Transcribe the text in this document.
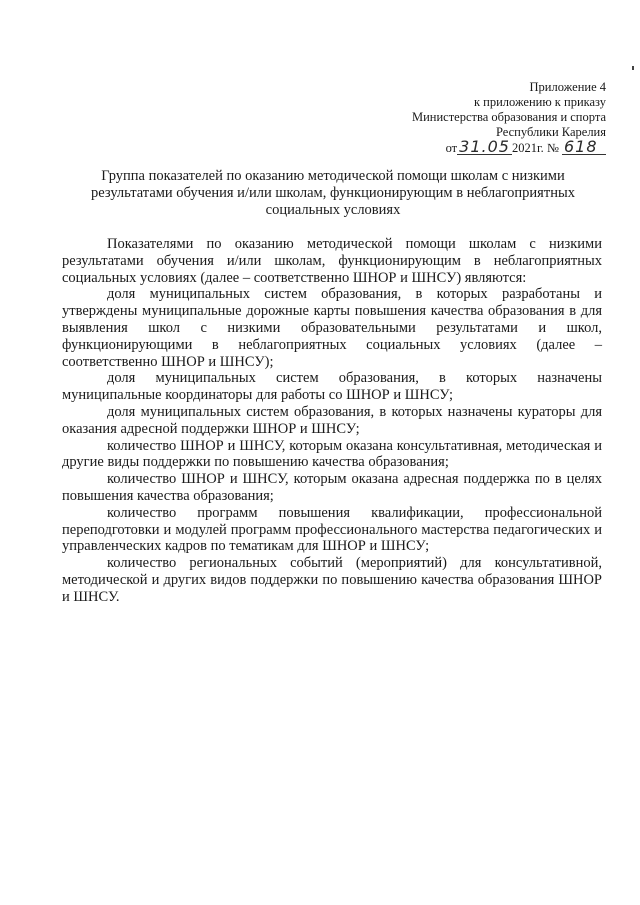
Приложение 4
к приложению к приказу
Министерства образования и спорта
Республики Карелия
от 31.05 2021г. № 618
Группа показателей по оказанию методической помощи школам с низкими результатами обучения и/или школам, функционирующим в неблагоприятных социальных условиях

Показателями по оказанию методической помощи школам с низкими результатами обучения и/или школам, функционирующим в неблагоприятных социальных условиях (далее – соответственно ШНОР и ШНСУ) являются:

доля муниципальных систем образования, в которых разработаны и утверждены муниципальные дорожные карты повышения качества образования в для выявления школ с низкими образовательными результатами и школ, функционирующими в неблагоприятных социальных условиях (далее – соответственно ШНОР и ШНСУ);

доля муниципальных систем образования, в которых назначены муниципальные координаторы для работы со ШНОР и ШНСУ;

доля муниципальных систем образования, в которых назначены кураторы для оказания адресной поддержки ШНОР и ШНСУ;

количество ШНОР и ШНСУ, которым оказана консультативная, методическая и другие виды поддержки по повышению качества образования;

количество ШНОР и ШНСУ, которым оказана адресная поддержка по в целях повышения качества образования;

количество программ повышения квалификации, профессиональной переподготовки и модулей программ профессионального мастерства педагогических и управленческих кадров по тематикам для ШНОР и ШНСУ;

количество региональных событий (мероприятий) для консультативной, методической и других видов поддержки по повышению качества образования ШНОР и ШНСУ.
